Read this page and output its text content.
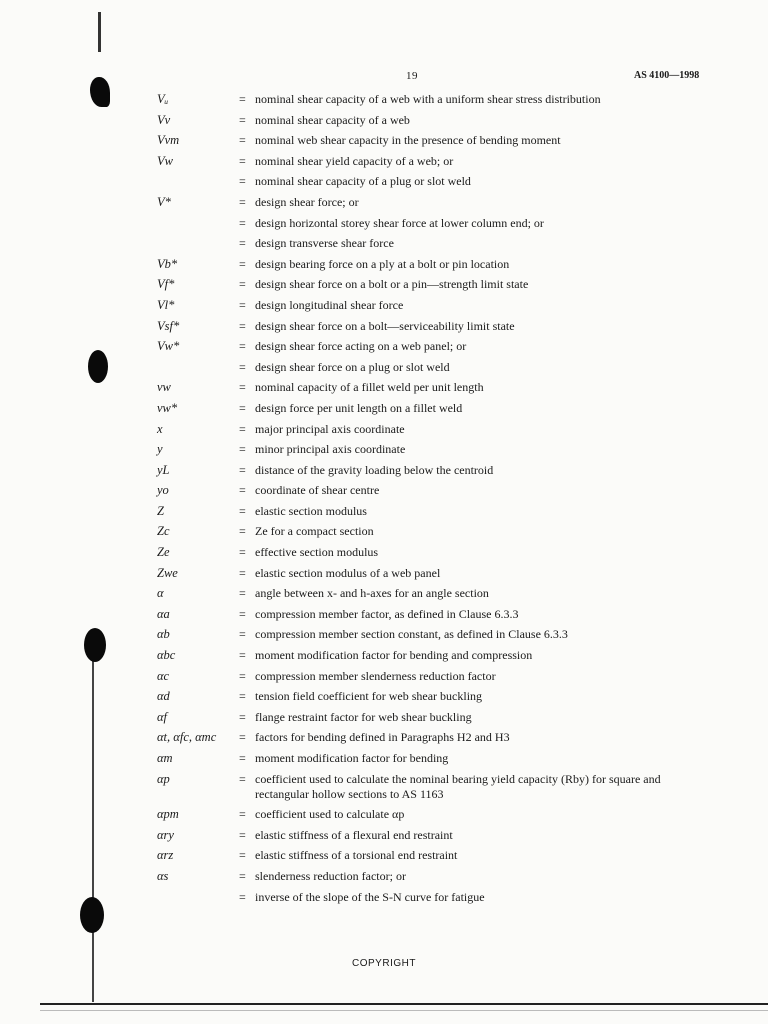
19	AS 4100—1998
Vᵤ	= nominal shear capacity of a web with a uniform shear stress distribution
Vv	= nominal shear capacity of a web
Vvm	= nominal web shear capacity in the presence of bending moment
Vw	= nominal shear yield capacity of a web; or
= nominal shear capacity of a plug or slot weld
V*	= design shear force; or
= design horizontal storey shear force at lower column end; or
= design transverse shear force
Vb*	= design bearing force on a ply at a bolt or pin location
Vf*	= design shear force on a bolt or a pin—strength limit state
Vl*	= design longitudinal shear force
Vsf*	= design shear force on a bolt—serviceability limit state
Vw*	= design shear force acting on a web panel; or
= design shear force on a plug or slot weld
vw	= nominal capacity of a fillet weld per unit length
vw*	= design force per unit length on a fillet weld
x	= major principal axis coordinate
y	= minor principal axis coordinate
yL	= distance of the gravity loading below the centroid
yo	= coordinate of shear centre
Z	= elastic section modulus
Zc	= Ze for a compact section
Ze	= effective section modulus
Zwe	= elastic section modulus of a web panel
α	= angle between x- and h-axes for an angle section
αa	= compression member factor, as defined in Clause 6.3.3
αb	= compression member section constant, as defined in Clause 6.3.3
αbc	= moment modification factor for bending and compression
αc	= compression member slenderness reduction factor
αd	= tension field coefficient for web shear buckling
αf	= flange restraint factor for web shear buckling
αt, αfc, αmc	= factors for bending defined in Paragraphs H2 and H3
αm	= moment modification factor for bending
αp	= coefficient used to calculate the nominal bearing yield capacity (Rby) for square and rectangular hollow sections to AS 1163
αpm	= coefficient used to calculate αp
αry	= elastic stiffness of a flexural end restraint
αrz	= elastic stiffness of a torsional end restraint
αs	= slenderness reduction factor; or
= inverse of the slope of the S-N curve for fatigue
COPYRIGHT
